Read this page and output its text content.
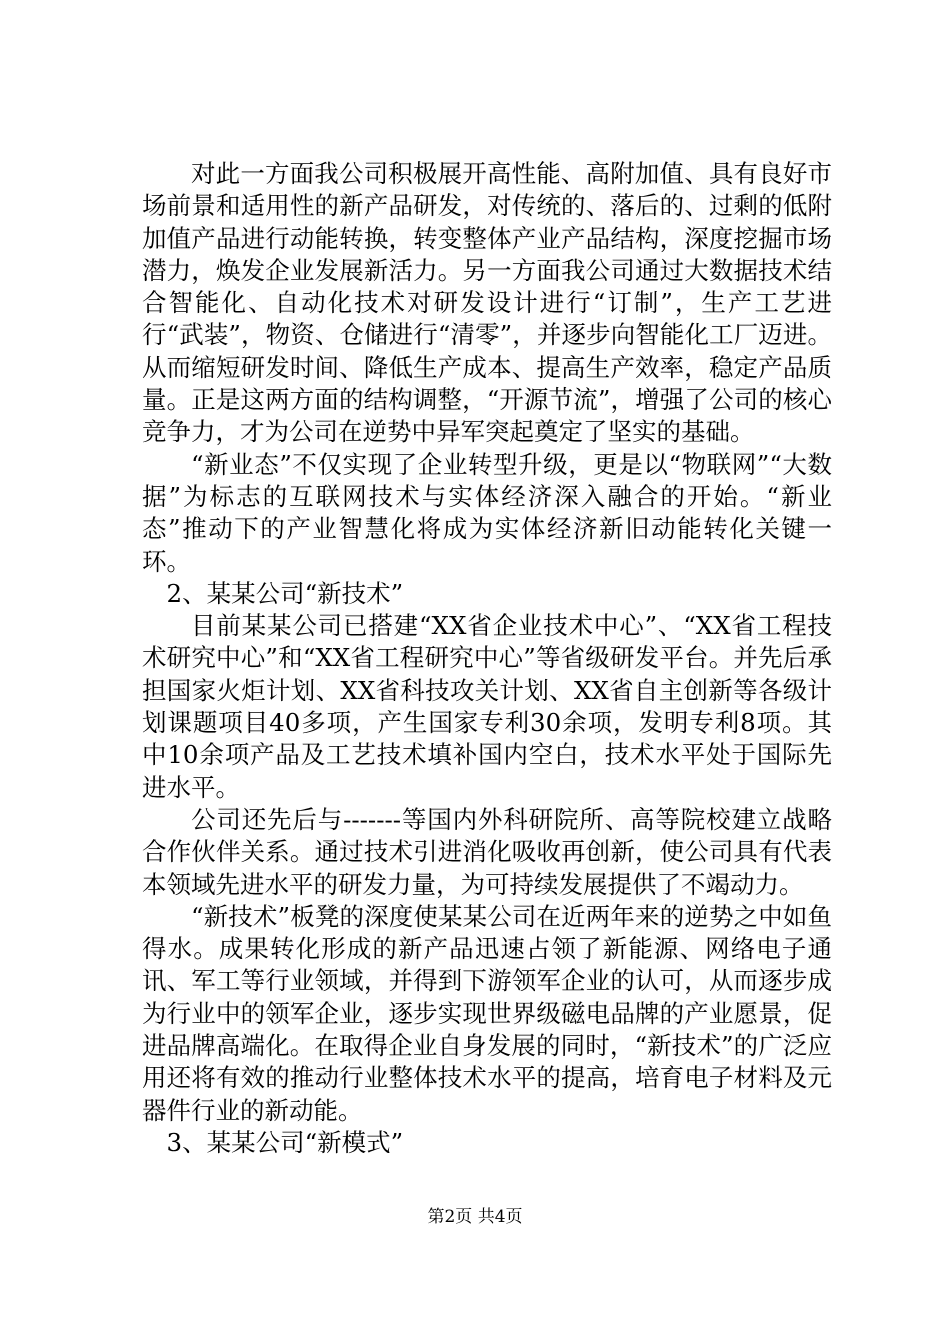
对此一方面我公司积极展开高性能、高附加值、具有良好市场前景和适用性的新产品研发，对传统的、落后的、过剩的低附加值产品进行动能转换，转变整体产业产品结构，深度挖掘市场潜力，焕发企业发展新活力。另一方面我公司通过大数据技术结合智能化、自动化技术对研发设计进行“订制”，生产工艺进行“武装”，物资、仓储进行“清零”，并逐步向智能化工厂迈进。从而缩短研发时间、降低生产成本、提高生产效率，稳定产品质量。正是这两方面的结构调整，“开源节流”，增强了公司的核心竞争力，才为公司在逆势中异军突起奠定了坚实的基础。

“新业态”不仅实现了企业转型升级，更是以“物联网”“大数据”为标志的互联网技术与实体经济深入融合的开始。“新业态”推动下的产业智慧化将成为实体经济新旧动能转化关键一环。

2、某某公司“新技术”

目前某某公司已搭建“XX省企业技术中心”、“XX省工程技术研究中心”和“XX省工程研究中心”等省级研发平台。并先后承担国家火炬计划、XX省科技攻关计划、XX省自主创新等各级计划课题项目40多项，产生国家专利30余项，发明专利8项。其中10余项产品及工艺技术填补国内空白，技术水平处于国际先进水平。

公司还先后与-------等国内外科研院所、高等院校建立战略合作伙伴关系。通过技术引进消化吸收再创新，使公司具有代表本领域先进水平的研发力量，为可持续发展提供了不竭动力。

“新技术”板凳的深度使某某公司在近两年来的逆势之中如鱼得水。成果转化形成的新产品迅速占领了新能源、网络电子通讯、军工等行业领域，并得到下游领军企业的认可，从而逐步成为行业中的领军企业，逐步实现世界级磁电品牌的产业愿景，促进品牌高端化。在取得企业自身发展的同时，“新技术”的广泛应用还将有效的推动行业整体技术水平的提高，培育电子材料及元器件行业的新动能。

3、某某公司“新模式”

第2页 共4页
